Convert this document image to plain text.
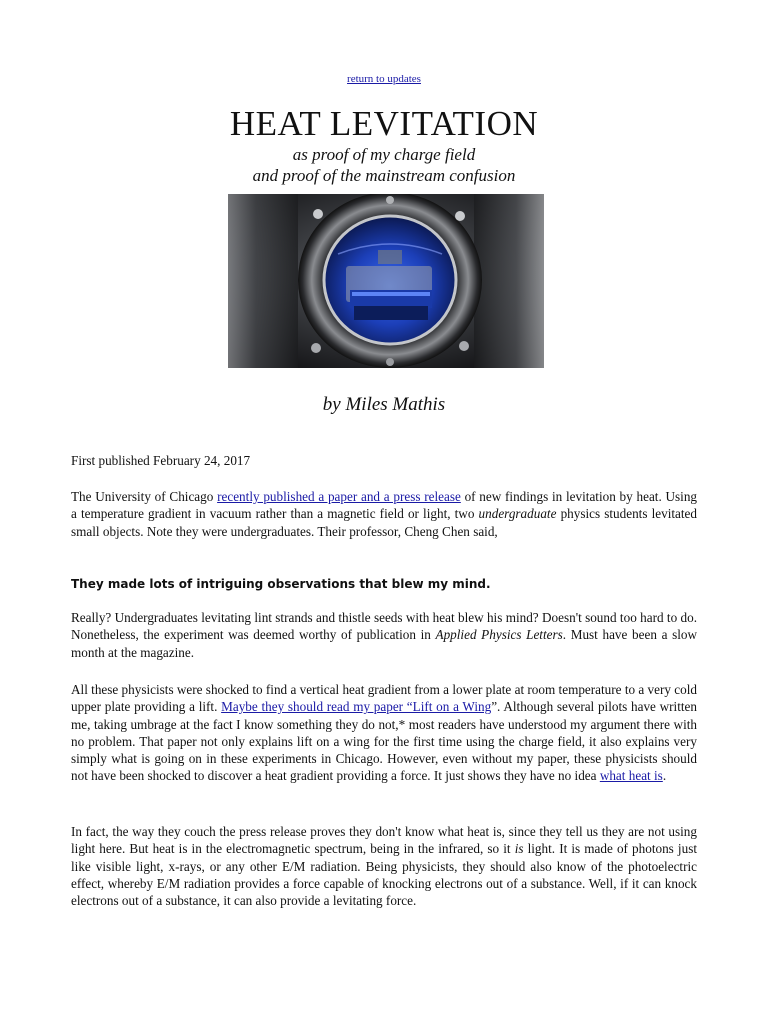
return to updates
HEAT LEVITATION
as proof of my charge field
and proof of the mainstream confusion
by Miles Mathis
First published February 24, 2017

The University of Chicago recently published a paper and a press release of new findings in levitation by heat. Using a temperature gradient in vacuum rather than a magnetic field or light, two undergraduate physics students levitated small objects. Note they were undergraduates. Their professor, Cheng Chen said,

They made lots of intriguing observations that blew my mind.

Really? Undergraduates levitating lint strands and thistle seeds with heat blew his mind? Doesn't sound too hard to do. Nonetheless, the experiment was deemed worthy of publication in Applied Physics Letters. Must have been a slow month at the magazine.

All these physicists were shocked to find a vertical heat gradient from a lower plate at room temperature to a very cold upper plate providing a lift. Maybe they should read my paper “Lift on a Wing”. Although several pilots have written me, taking umbrage at the fact I know something they do not,* most readers have understood my argument there with no problem. That paper not only explains lift on a wing for the first time using the charge field, it also explains very simply what is going on in these experiments in Chicago. However, even without my paper, these physicists should not have been shocked to discover a heat gradient providing a force. It just shows they have no idea what heat is.

In fact, the way they couch the press release proves they don't know what heat is, since they tell us they are not using light here. But heat is in the electromagnetic spectrum, being in the infrared, so it is light. It is made of photons just like visible light, x-rays, or any other E/M radiation. Being physicists, they should also know of the photoelectric effect, whereby E/M radiation provides a force capable of knocking electrons out of a substance. Well, if it can knock electrons out of a substance, it can also provide a levitating force.
